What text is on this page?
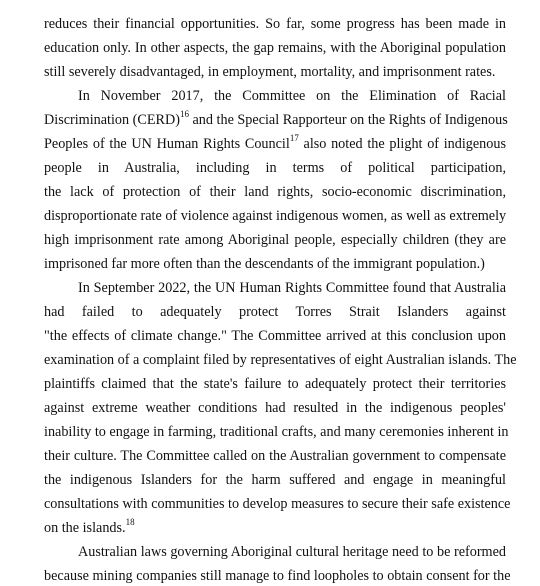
reduces their financial opportunities. So far, some progress has been made in
education only. In other aspects, the gap remains, with the Aboriginal population
still severely disadvantaged, in employment, mortality, and imprisonment rates.
In November 2017, the Committee on the Elimination of Racial
Discrimination (CERD)$^{16}$ and the Special Rapporteur on the Rights of Indigenous
Peoples of the UN Human Rights Council$^{17}$ also noted the plight of indigenous
people in Australia, including in terms of political participation,
the lack of protection of their land rights, socio-economic discrimination,
disproportionate rate of violence against indigenous women, as well as extremely
high imprisonment rate among Aboriginal people, especially children (they are
imprisoned far more often than the descendants of the immigrant population.)
In September 2022, the UN Human Rights Committee found that Australia
had failed to adequately protect Torres Strait Islanders against
"the effects of climate change." The Committee arrived at this conclusion upon
examination of a complaint filed by representatives of eight Australian islands. The
plaintiffs claimed that the state's failure to adequately protect their territories
against extreme weather conditions had resulted in the indigenous peoples'
inability to engage in farming, traditional crafts, and many ceremonies inherent in
their culture. The Committee called on the Australian government to compensate
the indigenous Islanders for the harm suffered and engage in meaningful
consultations with communities to develop measures to secure their safe existence
on the islands.$^{18}$
Australian laws governing Aboriginal cultural heritage need to be reformed
because mining companies still manage to find loopholes to obtain consent for the
